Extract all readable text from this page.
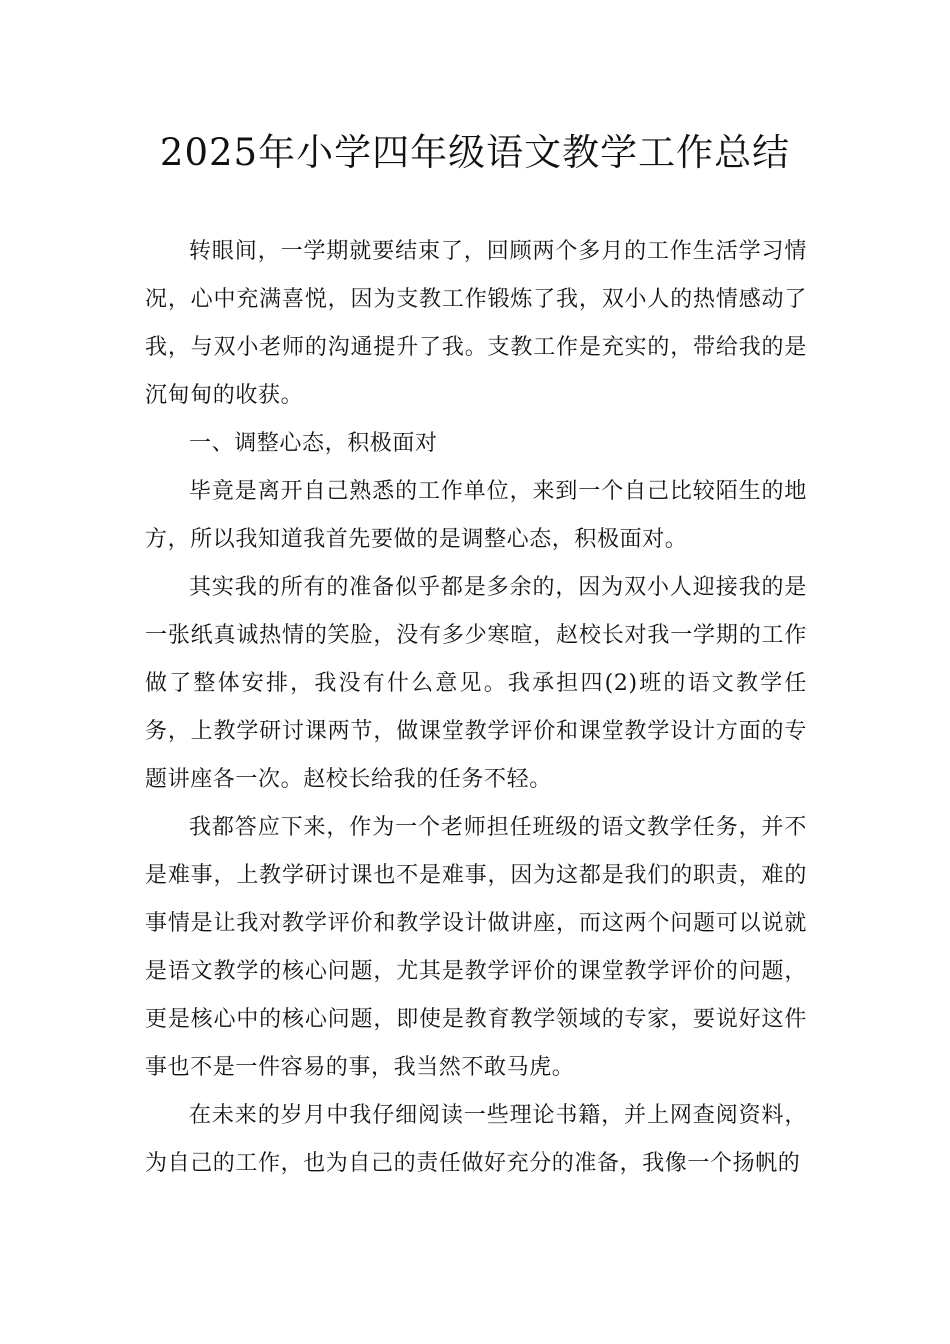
2025年小学四年级语文教学工作总结

转眼间，一学期就要结束了，回顾两个多月的工作生活学习情况，心中充满喜悦，因为支教工作锻炼了我，双小人的热情感动了我，与双小老师的沟通提升了我。支教工作是充实的，带给我的是沉甸甸的收获。

一、调整心态，积极面对

毕竟是离开自己熟悉的工作单位，来到一个自己比较陌生的地方，所以我知道我首先要做的是调整心态，积极面对。

其实我的所有的准备似乎都是多余的，因为双小人迎接我的是一张纸真诚热情的笑脸，没有多少寒暄，赵校长对我一学期的工作做了整体安排，我没有什么意见。我承担四(2)班的语文教学任务，上教学研讨课两节，做课堂教学评价和课堂教学设计方面的专题讲座各一次。赵校长给我的任务不轻。

我都答应下来，作为一个老师担任班级的语文教学任务，并不是难事，上教学研讨课也不是难事，因为这都是我们的职责，难的事情是让我对教学评价和教学设计做讲座，而这两个问题可以说就是语文教学的核心问题，尤其是教学评价的课堂教学评价的问题，更是核心中的核心问题，即使是教育教学领域的专家，要说好这件事也不是一件容易的事，我当然不敢马虎。

在未来的岁月中我仔细阅读一些理论书籍，并上网查阅资料，为自己的工作，也为自己的责任做好充分的准备，我像一个扬帆的
